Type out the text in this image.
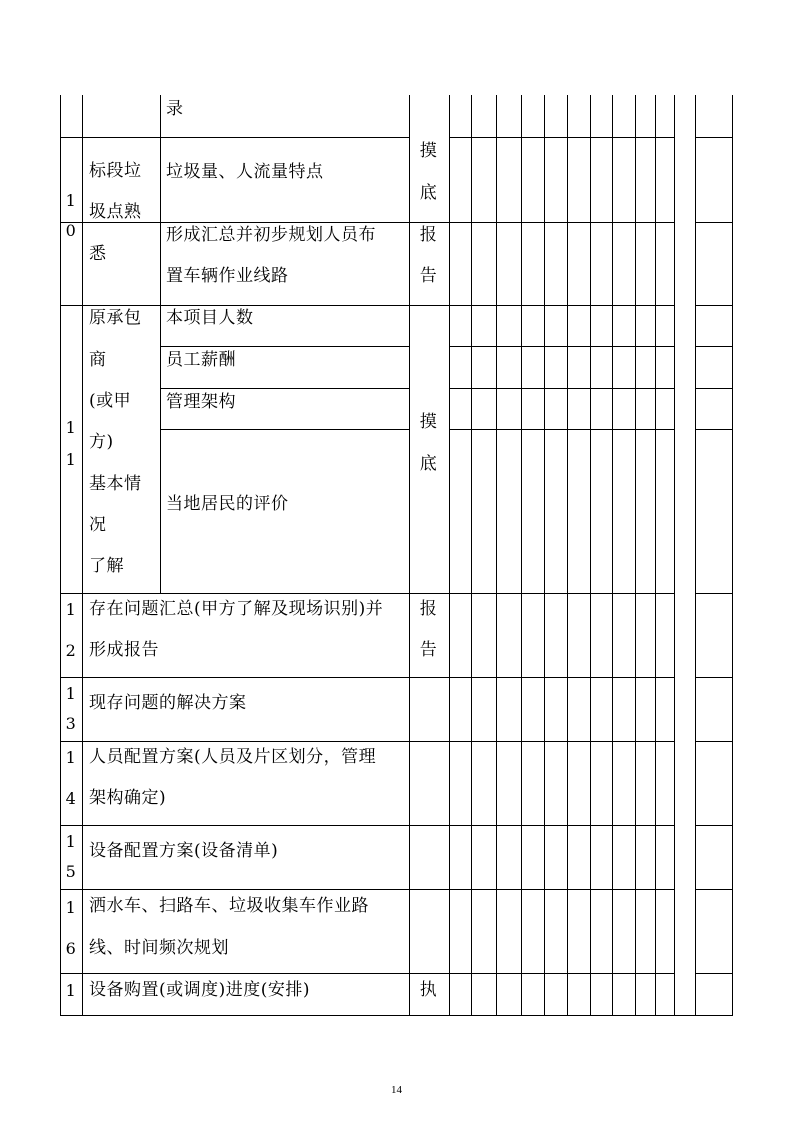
录
1
0
标段垃
圾点熟
悉
垃圾量、人流量特点
形成汇总并初步规划人员布
置车辆作业线路
摸
底
报
告
1
1
原承包
商
(或甲
方)
基本情
况
了解
本项目人数
员工薪酬
管理架构
当地居民的评价
摸
底
1
2
存在问题汇总(甲方了解及现场识别)并
形成报告
报
告
1
3
现存问题的解决方案
1
4
人员配置方案(人员及片区划分，管理
架构确定)
1
5
设备配置方案(设备清单)
1
6
洒水车、扫路车、垃圾收集车作业路
线、时间频次规划
1 设备购置(或调度)进度(安排)	执
14
